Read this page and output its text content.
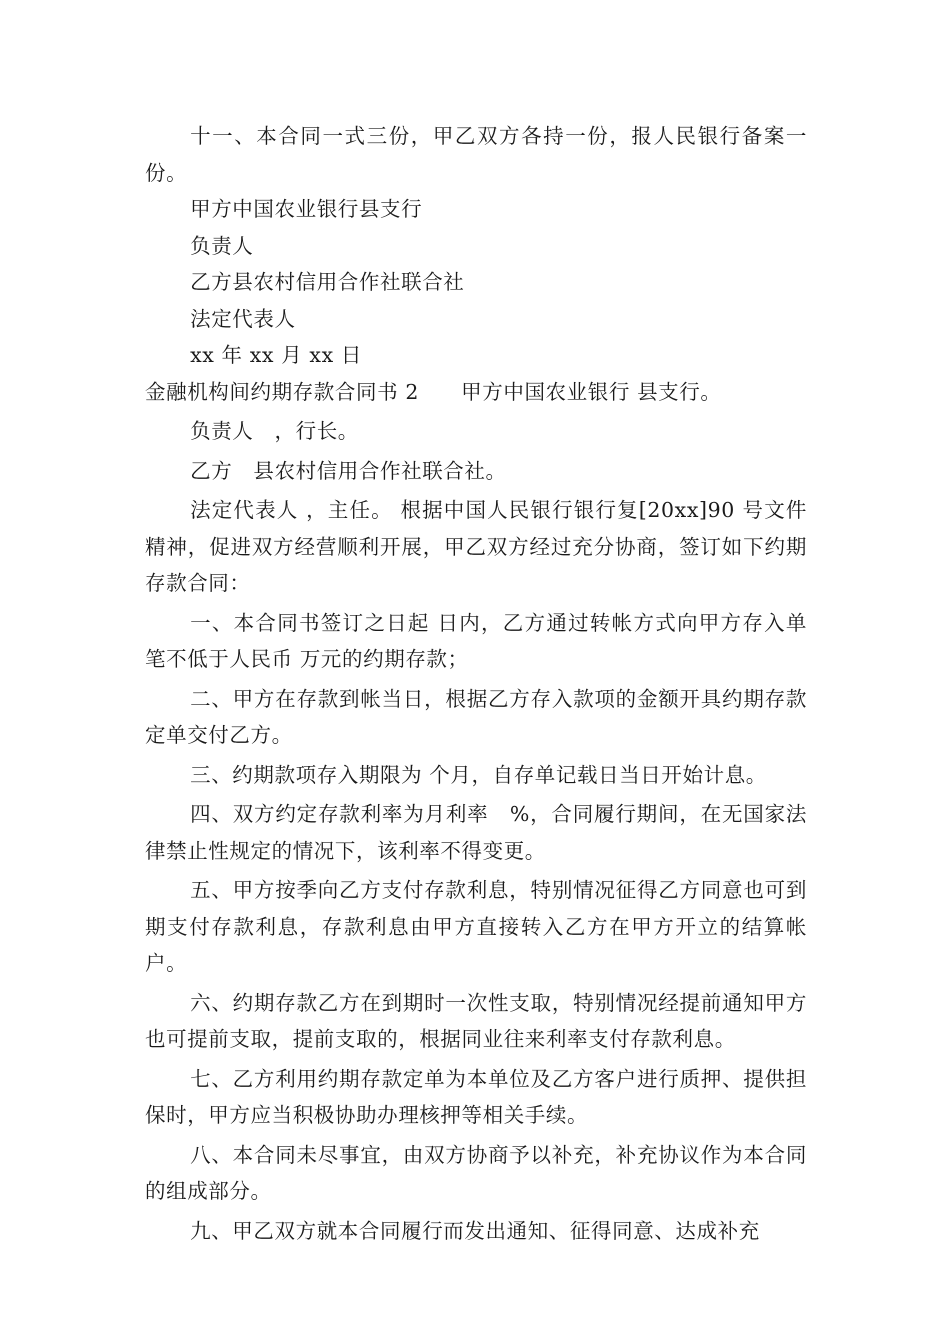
十一、本合同一式三份，甲乙双方各持一份，报人民银行备案一份。

甲方中国农业银行县支行

负责人

乙方县农村信用合作社联合社

法定代表人

xx 年 xx 月 xx 日

金融机构间约期存款合同书 2　　甲方中国农业银行 县支行。

负责人　，行长。

乙方　县农村信用合作社联合社。

法定代表人 ，主任。 根据中国人民银行银行复[20xx]90 号文件精神，促进双方经营顺利开展，甲乙双方经过充分协商，签订如下约期存款合同：

一、本合同书签订之日起 日内，乙方通过转帐方式向甲方存入单笔不低于人民币 万元的约期存款；

二、甲方在存款到帐当日，根据乙方存入款项的金额开具约期存款定单交付乙方。

三、约期款项存入期限为 个月，自存单记载日当日开始计息。

四、双方约定存款利率为月利率　%，合同履行期间，在无国家法律禁止性规定的情况下，该利率不得变更。

五、甲方按季向乙方支付存款利息，特别情况征得乙方同意也可到期支付存款利息，存款利息由甲方直接转入乙方在甲方开立的结算帐户。

六、约期存款乙方在到期时一次性支取，特别情况经提前通知甲方也可提前支取，提前支取的，根据同业往来利率支付存款利息。

七、乙方利用约期存款定单为本单位及乙方客户进行质押、提供担保时，甲方应当积极协助办理核押等相关手续。

八、本合同未尽事宜，由双方协商予以补充，补充协议作为本合同的组成部分。

九、甲乙双方就本合同履行而发出通知、征得同意、达成补充
